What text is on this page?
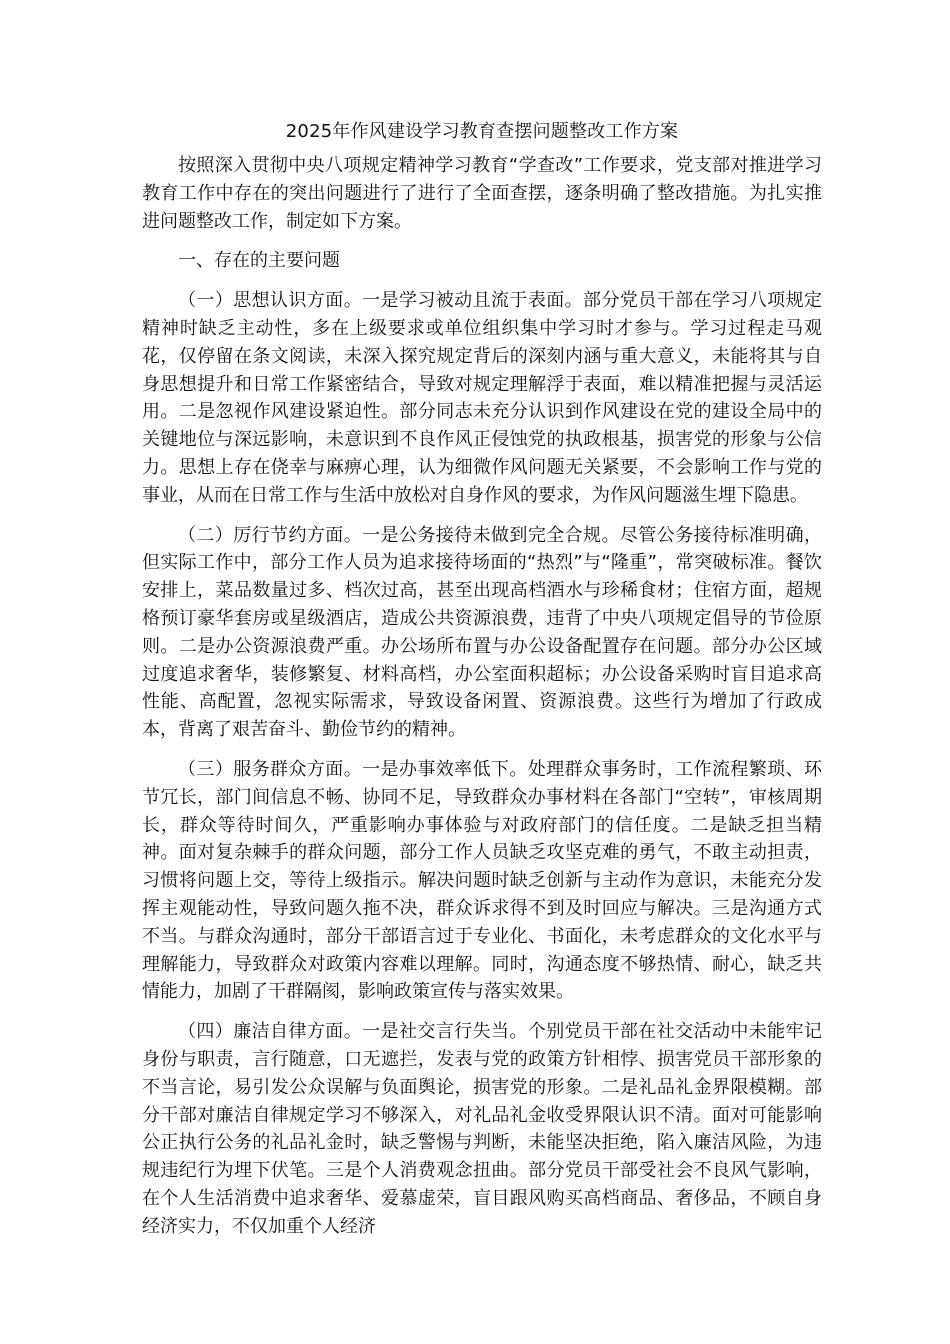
2025年作风建设学习教育查摆问题整改工作方案

按照深入贯彻中央八项规定精神学习教育“学查改”工作要求，党支部对推进学习教育工作中存在的突出问题进行了进行了全面查摆，逐条明确了整改措施。为扎实推进问题整改工作，制定如下方案。

一、存在的主要问题

（一）思想认识方面。一是学习被动且流于表面。部分党员干部在学习八项规定精神时缺乏主动性，多在上级要求或单位组织集中学习时才参与。学习过程走马观花，仅停留在条文阅读，未深入探究规定背后的深刻内涵与重大意义，未能将其与自身思想提升和日常工作紧密结合，导致对规定理解浮于表面，难以精准把握与灵活运用。二是忽视作风建设紧迫性。部分同志未充分认识到作风建设在党的建设全局中的关键地位与深远影响，未意识到不良作风正侵蚀党的执政根基，损害党的形象与公信力。思想上存在侥幸与麻痹心理，认为细微作风问题无关紧要，不会影响工作与党的事业，从而在日常工作与生活中放松对自身作风的要求，为作风问题滋生埋下隐患。

（二）厉行节约方面。一是公务接待未做到完全合规。尽管公务接待标准明确，但实际工作中，部分工作人员为追求接待场面的“热烈”与“隆重”，常突破标准。餐饮安排上，菜品数量过多、档次过高，甚至出现高档酒水与珍稀食材；住宿方面，超规格预订豪华套房或星级酒店，造成公共资源浪费，违背了中央八项规定倡导的节俭原则。二是办公资源浪费严重。办公场所布置与办公设备配置存在问题。部分办公区域过度追求奢华，装修繁复、材料高档，办公室面积超标；办公设备采购时盲目追求高性能、高配置，忽视实际需求，导致设备闲置、资源浪费。这些行为增加了行政成本，背离了艰苦奋斗、勤俭节约的精神。

（三）服务群众方面。一是办事效率低下。处理群众事务时，工作流程繁琐、环节冗长，部门间信息不畅、协同不足，导致群众办事材料在各部门“空转”，审核周期长，群众等待时间久，严重影响办事体验与对政府部门的信任度。二是缺乏担当精神。面对复杂棘手的群众问题，部分工作人员缺乏攻坚克难的勇气，不敢主动担责，习惯将问题上交，等待上级指示。解决问题时缺乏创新与主动作为意识，未能充分发挥主观能动性，导致问题久拖不决，群众诉求得不到及时回应与解决。三是沟通方式不当。与群众沟通时，部分干部语言过于专业化、书面化，未考虑群众的文化水平与理解能力，导致群众对政策内容难以理解。同时，沟通态度不够热情、耐心，缺乏共情能力，加剧了干群隔阂，影响政策宣传与落实效果。

（四）廉洁自律方面。一是社交言行失当。个别党员干部在社交活动中未能牢记身份与职责，言行随意，口无遮拦，发表与党的政策方针相悖、损害党员干部形象的不当言论，易引发公众误解与负面舆论，损害党的形象。二是礼品礼金界限模糊。部分干部对廉洁自律规定学习不够深入，对礼品礼金收受界限认识不清。面对可能影响公正执行公务的礼品礼金时，缺乏警惕与判断，未能坚决拒绝，陷入廉洁风险，为违规违纪行为埋下伏笔。三是个人消费观念扭曲。部分党员干部受社会不良风气影响，在个人生活消费中追求奢华、爱慕虚荣，盲目跟风购买高档商品、奢侈品，不顾自身经济实力，不仅加重个人经济
